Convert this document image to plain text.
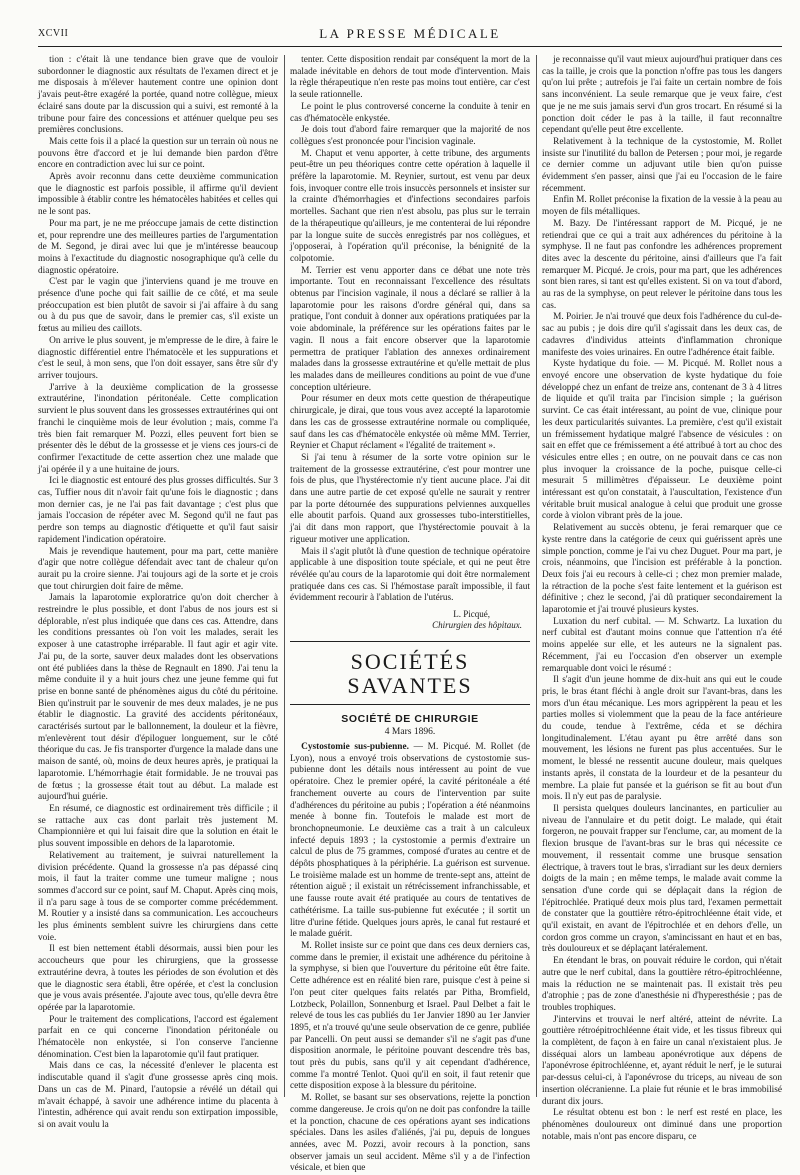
XCVII	LA PRESSE MÉDICALE

tion : c'était là une tendance bien grave que de vouloir subordonner le diagnostic aux résultats de l'examen direct et je me disposais à m'élever hautement contre une opinion dont j'avais peut-être exagéré la portée, quand notre collègue, mieux éclairé sans doute par la discussion qui a suivi, est remonté à la tribune pour faire des concessions et atténuer quelque peu ses premières conclusions.

Mais cette fois il a placé la question sur un terrain où nous ne pouvons être d'accord et je lui demande bien pardon d'être encore en contradiction avec lui sur ce point.

Après avoir reconnu dans cette deuxième communication que le diagnostic est parfois possible, il affirme qu'il devient impossible à établir contre les hématocèles habitées et celles qui ne le sont pas.

Pour ma part, je ne me préoccupe jamais de cette distinction et, pour reprendre une des meilleures parties de l'argumentation de M. Segond, je dirai avec lui que je m'intéresse beaucoup moins à l'exactitude du diagnostic nosographique qu'à celle du diagnostic opératoire.

C'est par le vagin que j'interviens quand je me trouve en présence d'une poche qui fait saillie de ce côté, et ma seule préoccupation est bien plutôt de savoir si j'ai affaire à du sang ou à du pus que de savoir, dans le premier cas, s'il existe un fœtus au milieu des caillots.

On arrive le plus souvent, je m'empresse de le dire, à faire le diagnostic différentiel entre l'hématocèle et les suppurations et c'est le seul, à mon sens, que l'on doit essayer, sans être sûr d'y arriver toujours.

J'arrive à la deuxième complication de la grossesse extrautérine, l'inondation péritonéale. Cette complication survient le plus souvent dans les grossesses extrautérines qui ont franchi le cinquième mois de leur évolution ; mais, comme l'a très bien fait remarquer M. Pozzi, elles peuvent fort bien se présenter dès le début de la grossesse et je viens ces jours-ci de confirmer l'exactitude de cette assertion chez une malade que j'ai opérée il y a une huitaine de jours.

Ici le diagnostic est entouré des plus grosses difficultés. Sur 3 cas, Tuffier nous dit n'avoir fait qu'une fois le diagnostic ; dans mon dernier cas, je ne l'ai pas fait davantage ; c'est plus que jamais l'occasion de répéter avec M. Segond qu'il ne faut pas perdre son temps au diagnostic d'étiquette et qu'il faut saisir rapidement l'indication opératoire.

Mais je revendique hautement, pour ma part, cette manière d'agir que notre collègue défendait avec tant de chaleur qu'on aurait pu la croire sienne. J'ai toujours agi de la sorte et je crois que tout chirurgien doit faire de même.

Jamais la laparotomie exploratrice qu'on doit chercher à restreindre le plus possible, et dont l'abus de nos jours est si déplorable, n'est plus indiquée que dans ces cas. Attendre, dans les conditions pressantes où l'on voit les malades, serait les exposer à une catastrophe irréparable. Il faut agir et agir vite. J'ai pu, de la sorte, sauver deux malades dont les observations ont été publiées dans la thèse de Regnault en 1890. J'ai tenu la même conduite il y a huit jours chez une jeune femme qui fut prise en bonne santé de phénomènes aigus du côté du péritoine. Bien qu'instruit par le souvenir de mes deux malades, je ne pus établir le diagnostic. La gravité des accidents péritonéaux, caractérisés surtout par le ballonnement, la douleur et la fièvre, m'enlevèrent tout désir d'épiloguer longuement, sur le côté théorique du cas. Je fis transporter d'urgence la malade dans une maison de santé, où, moins de deux heures après, je pratiquai la laparotomie. L'hémorrhagie était formidable. Je ne trouvai pas de fœtus ; la grossesse était tout au début. La malade est aujourd'hui guérie.

En résumé, ce diagnostic est ordinairement très difficile ; il se rattache aux cas dont parlait très justement M. Championnière et qui lui faisait dire que la solution en était le plus souvent impossible en dehors de la laparotomie.

Relativement au traitement, je suivrai naturellement la division précédente. Quand la grossesse n'a pas dépassé cinq mois, il faut la traiter comme une tumeur maligne ; nous sommes d'accord sur ce point, sauf M. Chaput. Après cinq mois, il n'a paru sage à tous de se comporter comme précédemment. M. Routier y a insisté dans sa communication. Les accoucheurs les plus éminents semblent suivre les chirurgiens dans cette voie.

Il est bien nettement établi désormais, aussi bien pour les accoucheurs que pour les chirurgiens, que la grossesse extrautérine devra, à toutes les périodes de son évolution et dès que le diagnostic sera établi, être opérée, et c'est la conclusion que je vous avais présentée. J'ajoute avec tous, qu'elle devra être opérée par la laparotomie.

Pour le traitement des complications, l'accord est également parfait en ce qui concerne l'inondation péritonéale ou l'hématocèle non enkystée, si l'on conserve l'ancienne dénomination. C'est bien la laparotomie qu'il faut pratiquer.

Mais dans ce cas, la nécessité d'enlever le placenta est indiscutable quand il s'agit d'une grossesse après cinq mois. Dans un cas de M. Pinard, l'autopsie a révélé un détail qui m'avait échappé, à savoir une adhérence intime du placenta à l'intestin, adhérence qui avait rendu son extirpation impossible, si on avait voulu la

tenter. Cette disposition rendait par conséquent la mort de la malade inévitable en dehors de tout mode d'intervention. Mais la règle thérapeutique n'en reste pas moins tout entière, car c'est la seule rationnelle.

Le point le plus controversé concerne la conduite à tenir en cas d'hématocèle enkystée.

Je dois tout d'abord faire remarquer que la majorité de nos collègues s'est prononcée pour l'incision vaginale.

M. Chaput et venu apporter, à cette tribune, des arguments peut-être un peu théoriques contre cette opération à laquelle il préfère la laparotomie. M. Reynier, surtout, est venu par deux fois, invoquer contre elle trois insuccès personnels et insister sur la crainte d'hémorrhagies et d'infections secondaires parfois mortelles. Sachant que rien n'est absolu, pas plus sur le terrain de la thérapeutique qu'ailleurs, je me contenterai de lui répondre par la longue suite de succès enregistrés par nos collègues, et j'opposerai, à l'opération qu'il préconise, la bénignité de la colpotomie.

M. Terrier est venu apporter dans ce débat une note très importante. Tout en reconnaissant l'excellence des résultats obtenus par l'incision vaginale, il nous a déclaré se rallier à la laparotomie pour les raisons d'ordre général qui, dans sa pratique, l'ont conduit à donner aux opérations pratiquées par la voie abdominale, la préférence sur les opérations faites par le vagin. Il nous a fait encore observer que la laparotomie permettra de pratiquer l'ablation des annexes ordinairement malades dans la grossesse extrautérine et qu'elle mettait de plus les malades dans de meilleures conditions au point de vue d'une conception ultérieure.

Pour résumer en deux mots cette question de thérapeutique chirurgicale, je dirai, que tous vous avez accepté la laparotomie dans les cas de grossesse extrautérine normale ou compliquée, sauf dans les cas d'hématocèle enkystée où même MM. Terrier, Reynier et Chaput réclament « l'égalité de traitement ».

Si j'ai tenu à résumer de la sorte votre opinion sur le traitement de la grossesse extrautérine, c'est pour montrer une fois de plus, que l'hystérectomie n'y tient aucune place. J'ai dit dans une autre partie de cet exposé qu'elle ne saurait y rentrer par la porte détournée des suppurations pelviennes auxquelles elle aboutit parfois. Quand aux grossesses tubo-interstitielles, j'ai dit dans mon rapport, que l'hystérectomie pouvait à la rigueur motiver une application.

Mais il s'agit plutôt là d'une question de technique opératoire applicable à une disposition toute spéciale, et qui ne peut être révélée qu'au cours de la laparotomie qui doit être normalement pratiquée dans ces cas. Si l'hémostase paraît impossible, il faut évidemment recourir à l'ablation de l'utérus.

L. Picqué,
Chirurgien des hôpitaux.
SOCIÉTÉS SAVANTES
SOCIÉTÉ DE CHIRURGIE
4 Mars 1896.

Cystostomie sus-pubienne. — M. Picqué. M. Rollet (de Lyon), nous a envoyé trois observations de cystostomie sus-pubienne dont les détails nous intéressent au point de vue opératoire. Chez le premier opéré, la cavité péritonéale a été franchement ouverte au cours de l'intervention par suite d'adhérences du péritoine au pubis ; l'opération a été néanmoins menée à bonne fin. Toutefois le malade est mort de bronchopneumonie. Le deuxième cas a trait à un calculeux infecté depuis 1893 ; la cystostomie a permis d'extraire un calcul de plus de 75 grammes, composé d'urates au centre et de dépôts phosphatiques à la périphérie. La guérison est survenue. Le troisième malade est un homme de trente-sept ans, atteint de rétention aiguë ; il existait un rétrécissement infranchissable, et une fausse route avait été pratiquée au cours de tentatives de cathétérisme. La taille sus-pubienne fut exécutée ; il sortit un litre d'urine fétide. Quelques jours après, le canal fut restauré et le malade guérit.

M. Rollet insiste sur ce point que dans ces deux derniers cas, comme dans le premier, il existait une adhérence du péritoine à la symphyse, si bien que l'ouverture du péritoine eût être faite. Cette adhérence est en réalité bien rare, puisque c'est à peine si l'on peut citer quelques faits relatés par Pitha, Bromfield, Lotzbeck, Polaillon, Sonnenburg et Israel. Paul Delbet a fait le relevé de tous les cas publiés du 1er Janvier 1890 au 1er Janvier 1895, et n'a trouvé qu'une seule observation de ce genre, publiée par Pancelli. On peut aussi se demander s'il ne s'agit pas d'une disposition anormale, le péritoine pouvant descendre très bas, tout près du pubis, sans qu'il y ait cependant d'adhérence, comme l'a montré Tenlot. Quoi qu'il en soit, il faut retenir que cette disposition expose à la blessure du péritoine.

M. Rollet, se basant sur ses observations, rejette la ponction comme dangereuse. Je crois qu'on ne doit pas confondre la taille et la ponction, chacune de ces opérations ayant ses indications spéciales. Dans les asiles d'aliénés, j'ai pu, depuis de longues années, avec M. Pozzi, avoir recours à la ponction, sans observer jamais un seul accident. Même s'il y a de l'infection vésicale, et bien que

je reconnaisse qu'il vaut mieux aujourd'hui pratiquer dans ces cas la taille, je crois que la ponction n'offre pas tous les dangers qu'on lui prête ; autrefois je l'ai faite un certain nombre de fois sans inconvénient. La seule remarque que je veux faire, c'est que je ne me suis jamais servi d'un gros trocart. En résumé si la ponction doit céder le pas à la taille, il faut reconnaître cependant qu'elle peut être excellente.

Relativement à la technique de la cystostomie, M. Rollet insiste sur l'inutilité du ballon de Petersen ; pour moi, je regarde ce dernier comme un adjuvant utile bien qu'on puisse évidemment s'en passer, ainsi que j'ai eu l'occasion de le faire récemment.

Enfin M. Rollet préconise la fixation de la vessie à la peau au moyen de fils métalliques.

M. Bazy. De l'intéressant rapport de M. Picqué, je ne retiendrai que ce qui a trait aux adhérences du péritoine à la symphyse. Il ne faut pas confondre les adhérences proprement dites avec la descente du péritoine, ainsi d'ailleurs que l'a fait remarquer M. Picqué. Je crois, pour ma part, que les adhérences sont bien rares, si tant est qu'elles existent. Si on va tout d'abord, au ras de la symphyse, on peut relever le péritoine dans tous les cas.

M. Poirier. Je n'ai trouvé que deux fois l'adhérence du cul-de-sac au pubis ; je dois dire qu'il s'agissait dans les deux cas, de cadavres d'individus atteints d'inflammation chronique manifeste des voies urinaires. En outre l'adhérence était faible.

Kyste hydatique du foie. — M. Picqué. M. Rollet nous a envoyé encore une observation de kyste hydatique du foie développé chez un enfant de treize ans, contenant de 3 à 4 litres de liquide et qu'il traita par l'incision simple ; la guérison survint. Ce cas était intéressant, au point de vue, clinique pour les deux particularités suivantes. La première, c'est qu'il existait un frémissement hydatique malgré l'absence de vésicules : on sait en effet que ce frémissement a été attribué à tort au choc des vésicules entre elles ; en outre, on ne pouvait dans ce cas non plus invoquer la croissance de la poche, puisque celle-ci mesurait 5 millimètres d'épaisseur. Le deuxième point intéressant est qu'on constatait, à l'auscultation, l'existence d'un véritable bruit musical analogue à celui que produit une grosse corde à violon vibrant près de la joue.

Relativement au succès obtenu, je ferai remarquer que ce kyste rentre dans la catégorie de ceux qui guérissent après une simple ponction, comme je l'ai vu chez Duguet. Pour ma part, je crois, néanmoins, que l'incision est préférable à la ponction. Deux fois j'ai eu recours à celle-ci ; chez mon premier malade, la rétraction de la poche s'est faite lentement et la guérison est définitive ; chez le second, j'ai dû pratiquer secondairement la laparotomie et j'ai trouvé plusieurs kystes.

Luxation du nerf cubital. — M. Schwartz. La luxation du nerf cubital est d'autant moins connue que l'attention n'a été moins appelée sur elle, et les auteurs ne la signalent pas. Récemment, j'ai eu l'occasion d'en observer un exemple remarquable dont voici le résumé :

Il s'agit d'un jeune homme de dix-huit ans qui eut le coude pris, le bras étant fléchi à angle droit sur l'avant-bras, dans les mors d'un étau mécanique. Les mors agrippèrent la peau et les parties molles si violemment que la peau de la face antérieure du coude, tendue à l'extrême, céda et se déchira longitudinalement. L'étau ayant pu être arrêté dans son mouvement, les lésions ne furent pas plus accentuées. Sur le moment, le blessé ne ressentit aucune douleur, mais quelques instants après, il constata de la lourdeur et de la pesanteur du membre. La plaie fut pansée et la guérison se fit au bout d'un mois. Il n'y eut pas de paralysie.

Il persista quelques douleurs lancinantes, en particulier au niveau de l'annulaire et du petit doigt. Le malade, qui était forgeron, ne pouvait frapper sur l'enclume, car, au moment de la flexion brusque de l'avant-bras sur le bras qui nécessite ce mouvement, il ressentait comme une brusque sensation électrique, à travers tout le bras, s'irradiant sur les deux derniers doigts de la main ; en même temps, le malade avait comme la sensation d'une corde qui se déplaçait dans la région de l'épitrochlée. Pratiqué deux mois plus tard, l'examen permettait de constater que la gouttière rétro-épitrochléenne était vide, et qu'il existait, en avant de l'épitrochlée et en dehors d'elle, un cordon gros comme un crayon, s'amincissant en haut et en bas, très douloureux et se déplaçant latéralement.

En étendant le bras, on pouvait réduire le cordon, qui n'était autre que le nerf cubital, dans la gouttière rétro-épitrochléenne, mais la réduction ne se maintenait pas. Il existait très peu d'atrophie ; pas de zone d'anesthésie ni d'hyperesthésie ; pas de troubles trophiques.

J'intervins et trouvai le nerf altéré, atteint de névrite. La gouttière rétroépitrochléenne était vide, et les tissus fibreux qui la complètent, de façon à en faire un canal n'existaient plus. Je disséquai alors un lambeau aponévrotique aux dépens de l'aponévrose épitrochléenne, et, ayant réduit le nerf, je le suturai par-dessus celui-ci, à l'aponévrose du triceps, au niveau de son insertion olécranienne. La plaie fut réunie et le bras immobilisé durant dix jours.

Le résultat obtenu est bon : le nerf est resté en place, les phénomènes douloureux ont diminué dans une proportion notable, mais n'ont pas encore disparu, ce
